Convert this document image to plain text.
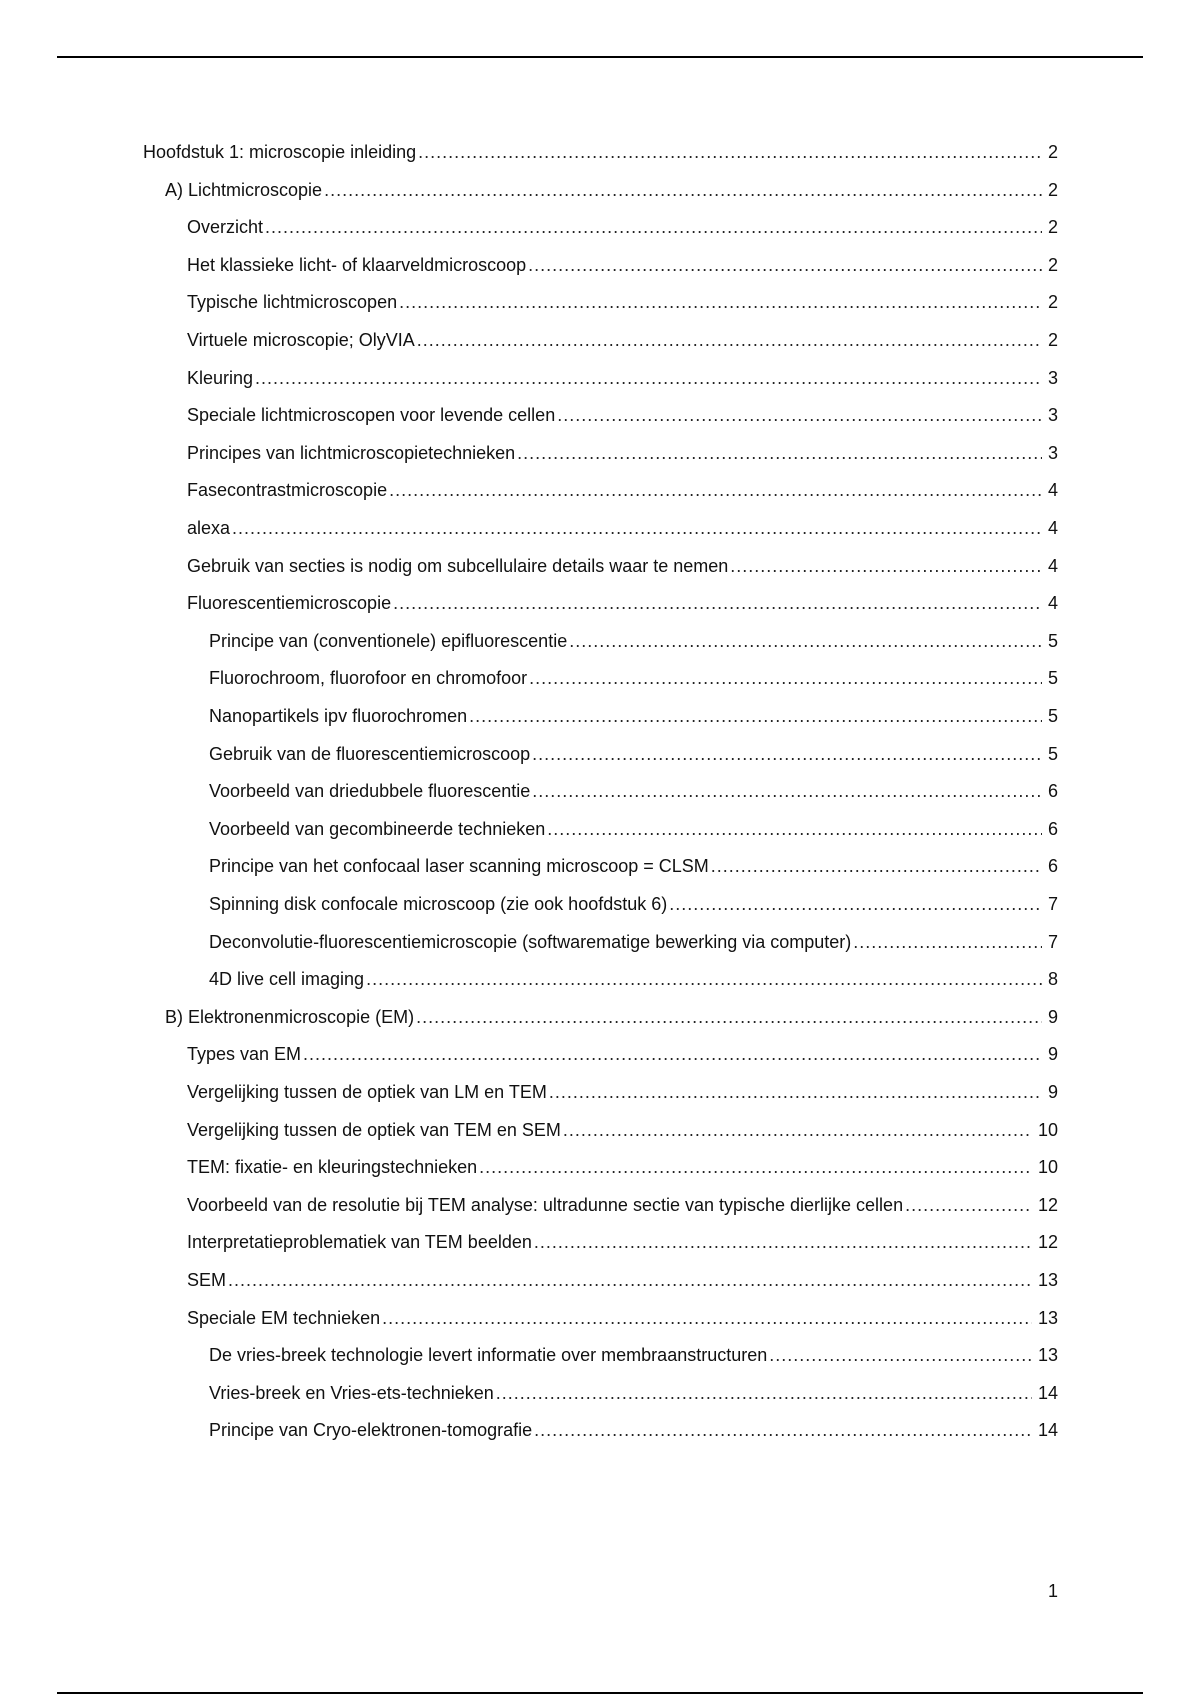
Hoofdstuk 1: microscopie inleiding .....	2
A) Lichtmicroscopie .....	2
Overzicht .....	2
Het klassieke licht- of klaarveldmicroscoop .....	2
Typische lichtmicroscopen .....	2
Virtuele microscopie; OlyVIA .....	2
Kleuring .....	3
Speciale lichtmicroscopen voor levende cellen .....	3
Principes van lichtmicroscopietechnieken .....	3
Fasecontrastmicroscopie .....	4
alexa .....	4
Gebruik van secties is nodig om subcellulaire details waar te nemen .....	4
Fluorescentiemicroscopie .....	4
Principe van (conventionele) epifluorescentie .....	5
Fluorochroom, fluorofoor en chromofoor .....	5
Nanopartikels ipv fluorochromen .....	5
Gebruik van de fluorescentiemicroscoop .....	5
Voorbeeld van driedubbele fluorescentie .....	6
Voorbeeld van gecombineerde technieken .....	6
Principe van het confocaal laser scanning microscoop = CLSM .....	6
Spinning disk confocale microscoop (zie ook hoofdstuk 6) .....	7
Deconvolutie-fluorescentiemicroscopie (softwarematige bewerking via computer) .....	7
4D live cell imaging .....	8
B) Elektronenmicroscopie (EM) .....	9
Types van EM .....	9
Vergelijking tussen de optiek van LM en TEM .....	9
Vergelijking tussen de optiek van TEM en SEM .....	10
TEM: fixatie- en kleuringstechnieken .....	10
Voorbeeld van de resolutie bij TEM analyse: ultradunne sectie van typische dierlijke cellen .....	12
Interpretatieproblematiek van TEM beelden .....	12
SEM .....	13
Speciale EM technieken .....	13
De vries-breek technologie levert informatie over membraanstructuren .....	13
Vries-breek en Vries-ets-technieken .....	14
Principe van Cryo-elektronen-tomografie .....	14
1
